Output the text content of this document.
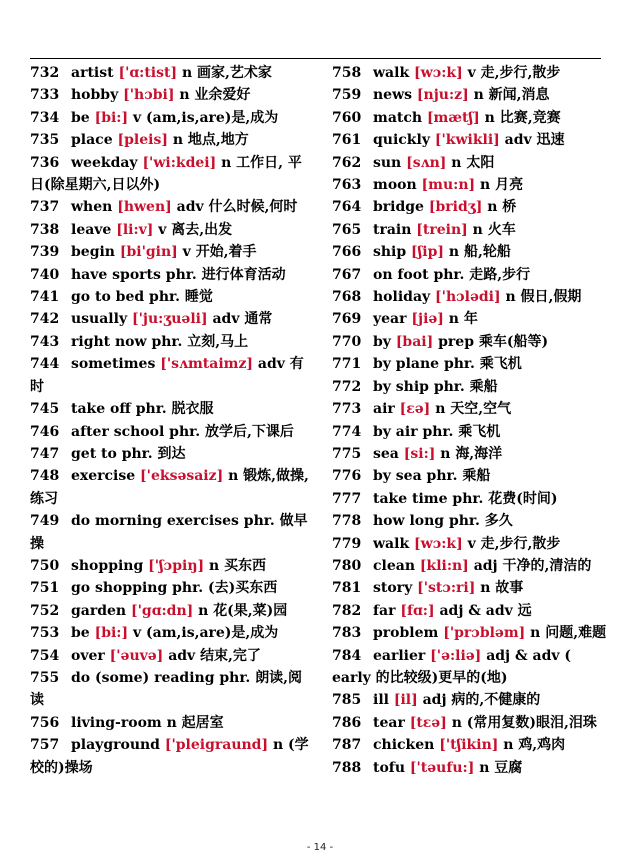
732 artist ['ɑ:tist] n 画家,艺术家
733 hobby ['hɔbi] n 业余爱好
734 be [bi:] v (am,is,are)是,成为
735 place [pleis] n 地点,地方
736 weekday ['wi:kdei] n 工作日, 平日(除星期六,日以外)
737 when [hwen] adv 什么时候,何时
738 leave [li:v] v 离去,出发
739 begin [bi'gin] v 开始,着手
740 have sports phr. 进行体育活动
741 go to bed phr. 睡觉
742 usually ['ju:ʒuəli] adv 通常
743 right now phr. 立刻,马上
744 sometimes ['sʌmtaimz] adv 有时
745 take off phr. 脱衣服
746 after school phr. 放学后,下课后
747 get to phr. 到达
748 exercise ['eksəsaiz] n 锻炼,做操,练习
749 do morning exercises phr. 做早操
750 shopping ['ʃɔpiŋ] n 买东西
751 go shopping phr. (去)买东西
752 garden ['gɑ:dn] n 花(果,菜)园
753 be [bi:] v (am,is,are)是,成为
754 over ['əuvə] adv 结束,完了
755 do (some) reading phr. 朗读,阅读
756 living-room n 起居室
757 playground ['pleigraund] n (学校的)操场
758 walk [wɔ:k] v 走,步行,散步
759 news [nju:z] n 新闻,消息
760 match [mætʃ] n 比赛,竞赛
761 quickly ['kwikli] adv 迅速
762 sun [sʌn] n 太阳
763 moon [mu:n] n 月亮
764 bridge [bridʒ] n 桥
765 train [trein] n 火车
766 ship [ʃip] n 船,轮船
767 on foot phr. 走路,步行
768 holiday ['hɔlədi] n 假日,假期
769 year [jiə] n 年
770 by [bai] prep 乘车(船等)
771 by plane phr. 乘飞机
772 by ship phr. 乘船
773 air [εə] n 天空,空气
774 by air phr. 乘飞机
775 sea [si:] n 海,海洋
776 by sea phr. 乘船
777 take time phr. 花费(时间)
778 how long phr. 多久
779 walk [wɔ:k] v 走,步行,散步
780 clean [kli:n] adj 干净的,清洁的
781 story ['stɔ:ri] n 故事
782 far [fɑ:] adj & adv 远
783 problem ['prɔbləm] n 问题,难题
784 earlier ['ə:liə] adj & adv ( early 的比较级)更早的(地)
785 ill [il] adj 病的,不健康的
786 tear [tεə] n (常用复数)眼泪,泪珠
787 chicken ['tʃikin] n 鸡,鸡肉
788 tofu ['təufu:] n 豆腐
- 14 -
